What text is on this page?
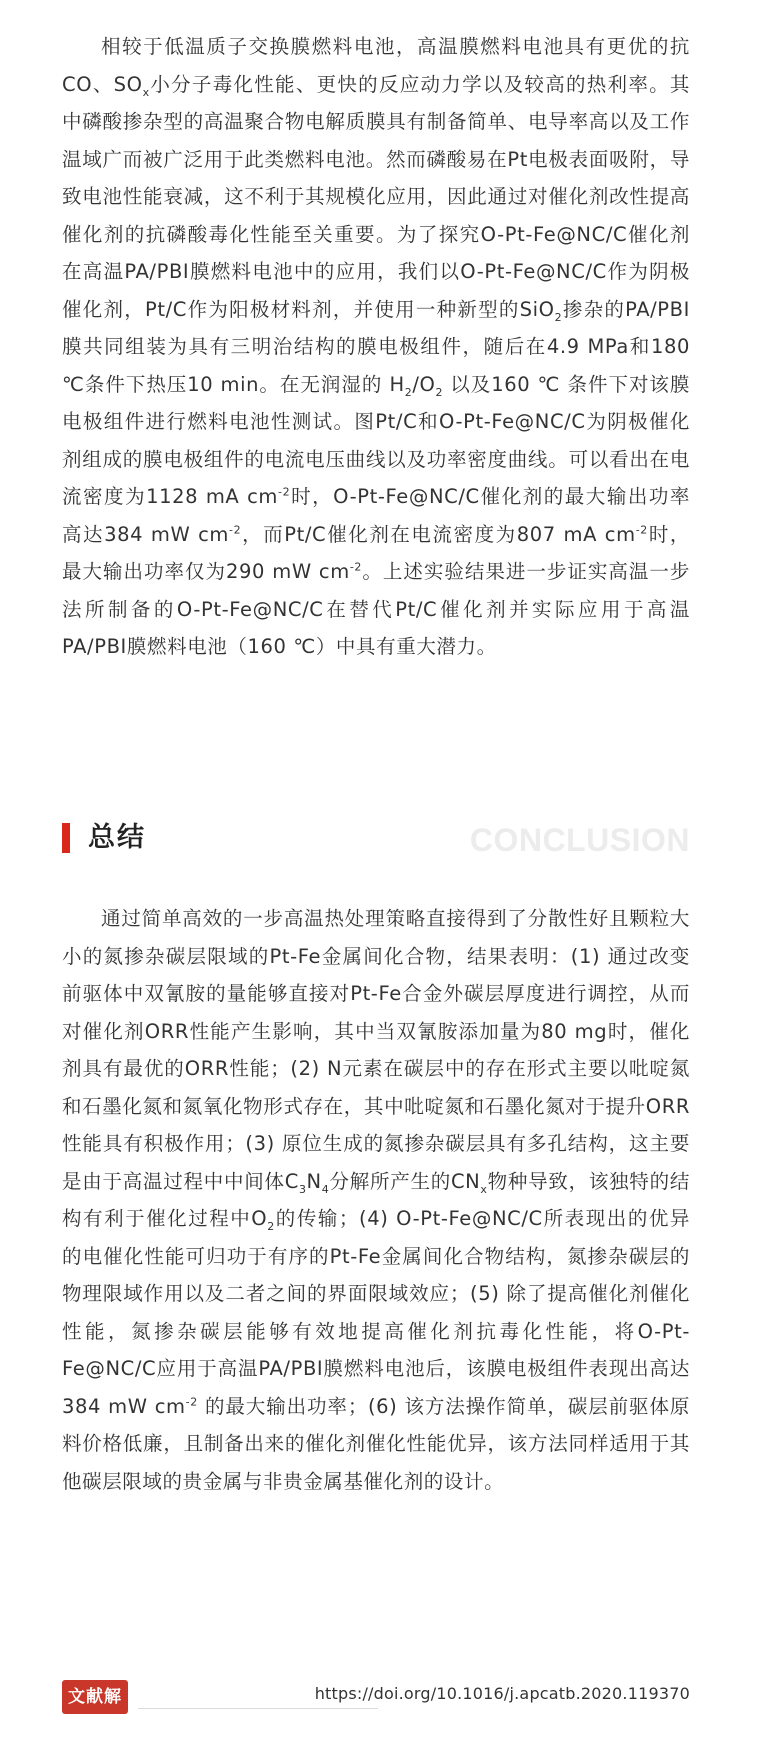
相较于低温质子交换膜燃料电池，高温膜燃料电池具有更优的抗CO、$SO_x$小分子毒化性能、更快的反应动力学以及较高的热利率。其中磷酸掺杂型的高温聚合物电解质膜具有制备简单、电导率高以及工作温域广而被广泛用于此类燃料电池。然而磷酸易在Pt电极表面吸附，导致电池性能衰减，这不利于其规模化应用，因此通过对催化剂改性提高催化剂的抗磷酸毒化性能至关重要。为了探究O-Pt-Fe@NC/C催化剂在高温PA/PBI膜燃料电池中的应用，我们以O-Pt-Fe@NC/C作为阴极催化剂，Pt/C作为阳极材料剂，并使用一种新型的SiO$_2$掺杂的PA/PBI膜共同组装为具有三明治结构的膜电极组件，随后在4.9 MPa和180 ℃条件下热压10 min。在无润湿的 $H_2/O_2$ 以及160 ℃ 条件下对该膜电极组件进行燃料电池性测试。图Pt/C和O-Pt-Fe@NC/C为阴极催化剂组成的膜电极组件的电流电压曲线以及功率密度曲线。可以看出在电流密度为1128 mA $cm^{-2}$时，O-Pt-Fe@NC/C催化剂的最大输出功率高达384 mW $cm^{-2}$，而Pt/C催化剂在电流密度为807 mA $cm^{-2}$时，最大输出功率仅为290 mW $cm^{-2}$。上述实验结果进一步证实高温一步法所制备的O-Pt-Fe@NC/C在替代Pt/C催化剂并实际应用于高温PA/PBI膜燃料电池（160 ℃）中具有重大潜力。

总结	CONCLUSION

通过简单高效的一步高温热处理策略直接得到了分散性好且颗粒大小的氮掺杂碳层限域的Pt-Fe金属间化合物，结果表明：(1) 通过改变前驱体中双氰胺的量能够直接对Pt-Fe合金外碳层厚度进行调控，从而对催化剂ORR性能产生影响，其中当双氰胺添加量为80 mg时，催化剂具有最优的ORR性能；(2) N元素在碳层中的存在形式主要以吡啶氮和石墨化氮和氮氧化物形式存在，其中吡啶氮和石墨化氮对于提升ORR性能具有积极作用；(3) 原位生成的氮掺杂碳层具有多孔结构，这主要是由于高温过程中中间体$C_3N_4$分解所产生的$CN_x$物种导致，该独特的结构有利于催化过程中$O_2$的传输；(4) O-Pt-Fe@NC/C所表现出的优异的电催化性能可归功于有序的Pt-Fe金属间化合物结构，氮掺杂碳层的物理限域作用以及二者之间的界面限域效应；(5) 除了提高催化剂催化性能，氮掺杂碳层能够有效地提高催化剂抗毒化性能，将O-Pt-Fe@NC/C应用于高温PA/PBI膜燃料电池后，该膜电极组件表现出高达384 mW $cm^{-2}$ 的最大输出功率；(6) 该方法操作简单，碳层前驱体原料价格低廉，且制备出来的催化剂催化性能优异，该方法同样适用于其他碳层限域的贵金属与非贵金属基催化剂的设计。

文献解读
https://doi.org/10.1016/j.apcatb.2020.119370
